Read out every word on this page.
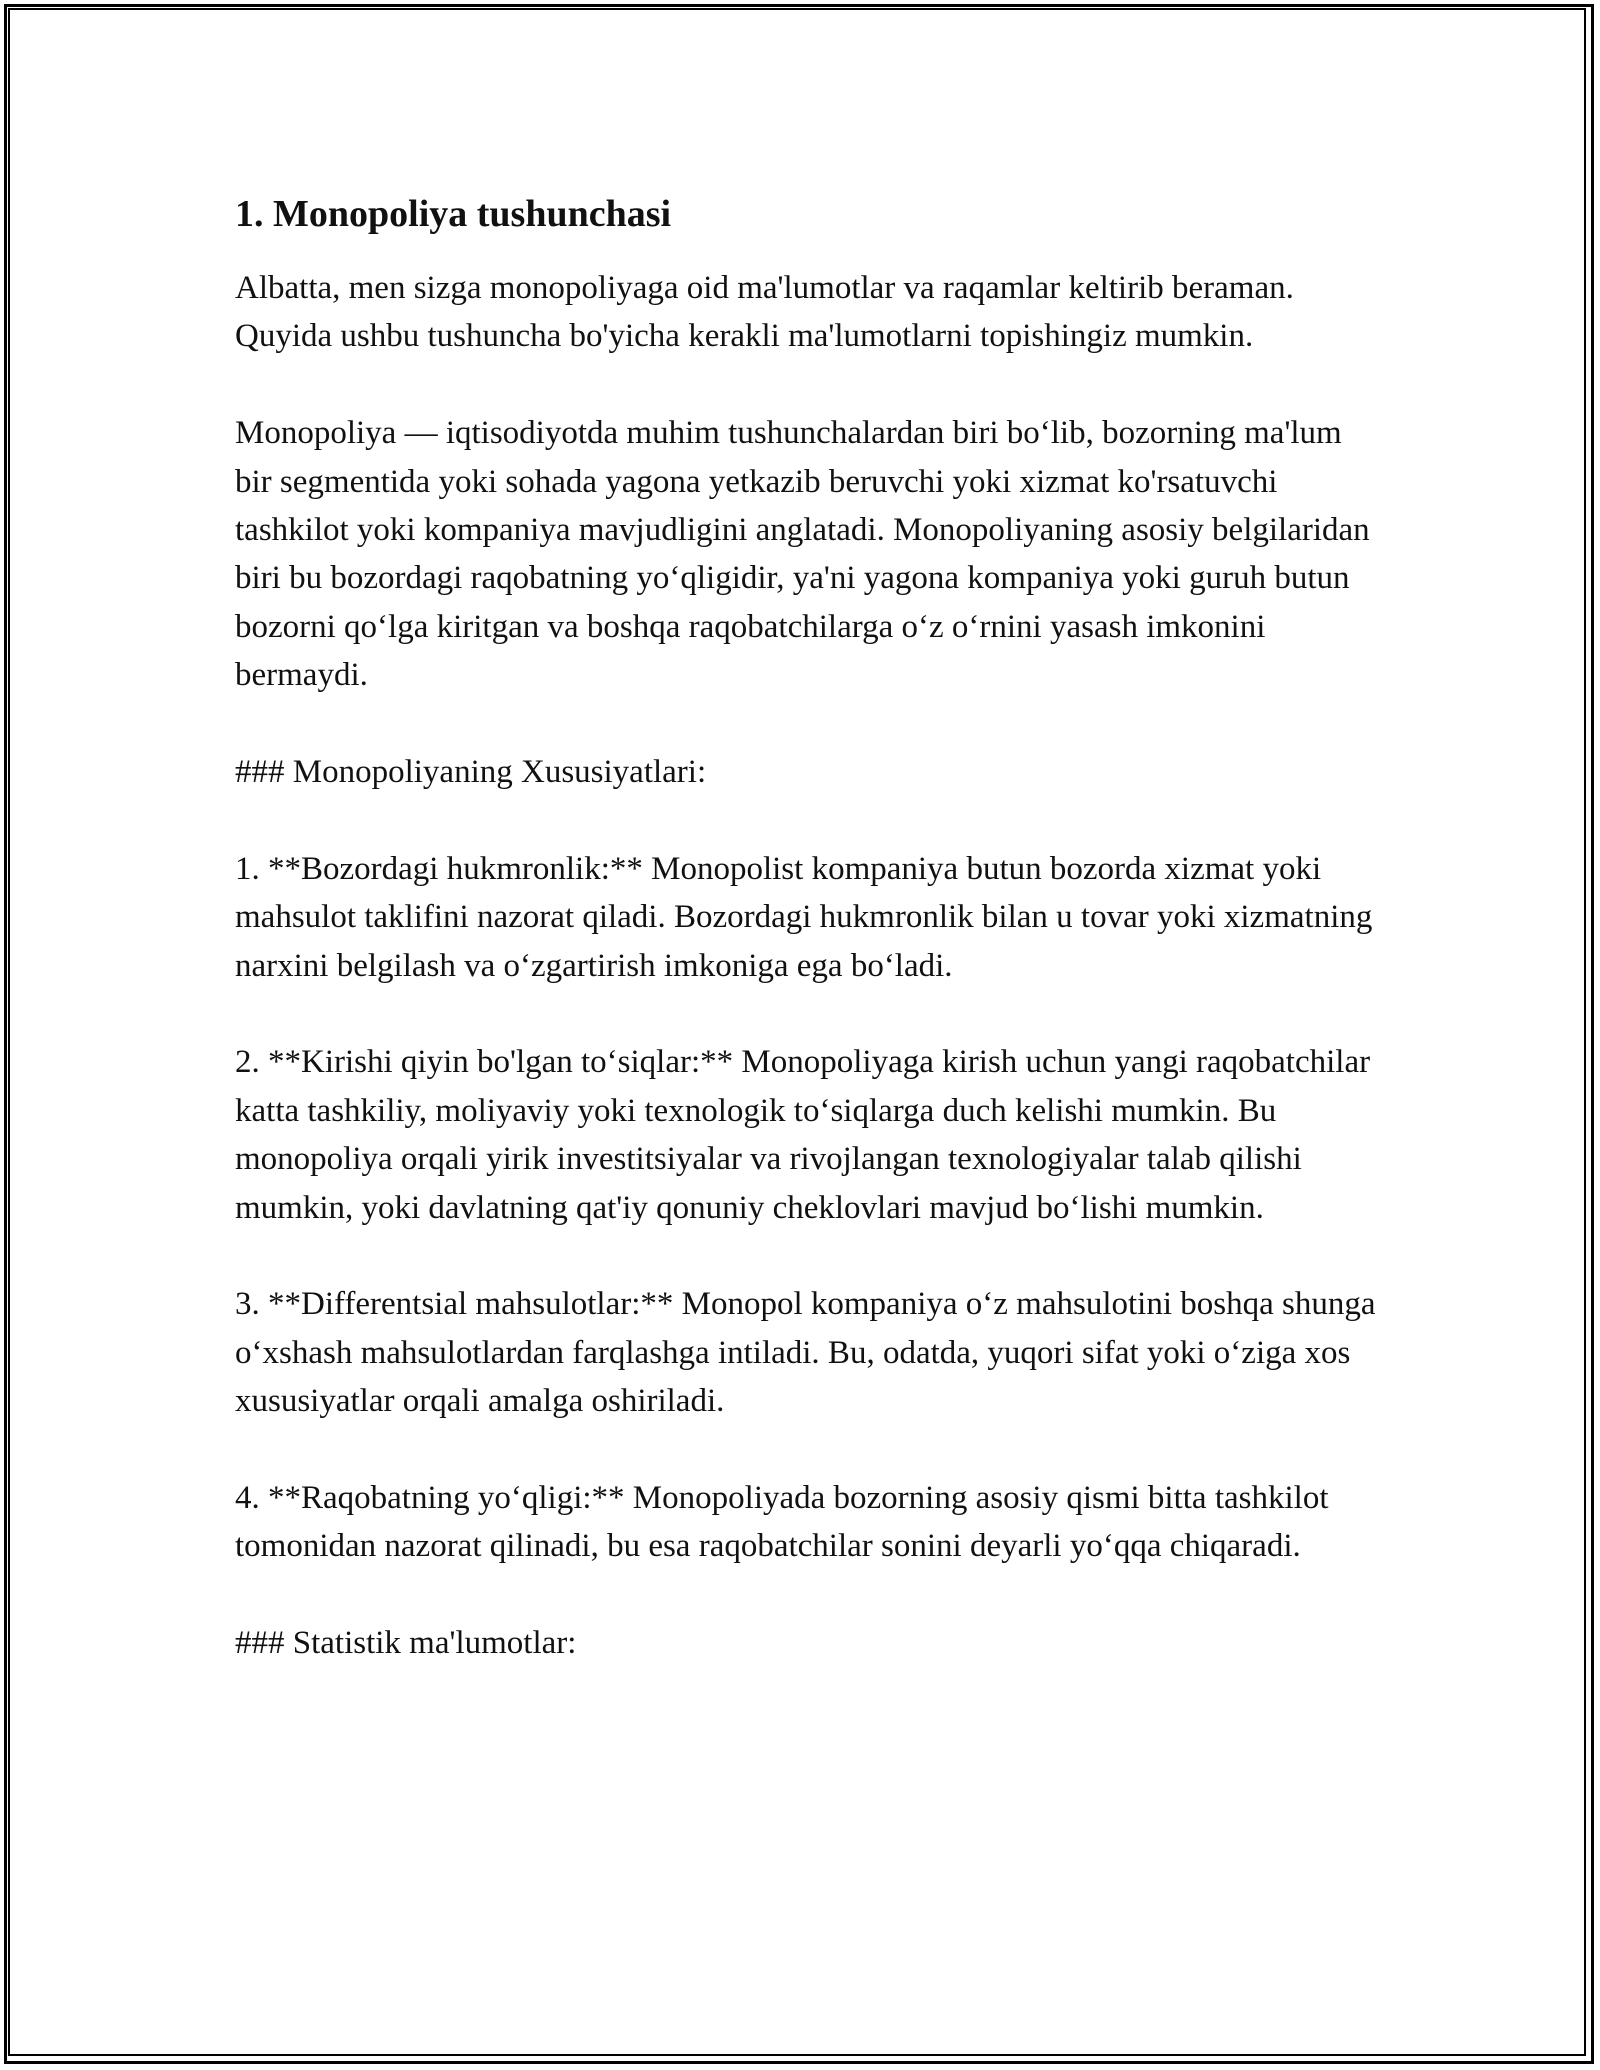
1. Monopoliya tushunchasi

Albatta, men sizga monopoliyaga oid ma'lumotlar va raqamlar keltirib beraman. Quyida ushbu tushuncha bo'yicha kerakli ma'lumotlarni topishingiz mumkin.

Monopoliya — iqtisodiyotda muhim tushunchalardan biri boʻlib, bozorning ma'lum bir segmentida yoki sohada yagona yetkazib beruvchi yoki xizmat ko'rsatuvchi tashkilot yoki kompaniya mavjudligini anglatadi. Monopoliyaning asosiy belgilaridan biri bu bozordagi raqobatning yoʻqligidir, ya'ni yagona kompaniya yoki guruh butun bozorni qoʻlga kiritgan va boshqa raqobatchilarga oʻz oʻrnini yasash imkonini bermaydi.

### Monopoliyaning Xususiyatlari:

1. **Bozordagi hukmronlik:** Monopolist kompaniya butun bozorda xizmat yoki mahsulot taklifini nazorat qiladi. Bozordagi hukmronlik bilan u tovar yoki xizmatning narxini belgilash va oʻzgartirish imkoniga ega boʻladi.

2. **Kirishi qiyin bo'lgan toʻsiqlar:** Monopoliyaga kirish uchun yangi raqobatchilar katta tashkiliy, moliyaviy yoki texnologik toʻsiqlarga duch kelishi mumkin. Bu monopoliya orqali yirik investitsiyalar va rivojlangan texnologiyalar talab qilishi mumkin, yoki davlatning qat'iy qonuniy cheklovlari mavjud boʻlishi mumkin.

3. **Differentsial mahsulotlar:** Monopol kompaniya oʻz mahsulotini boshqa shunga oʻxshash mahsulotlardan farqlashga intiladi. Bu, odatda, yuqori sifat yoki oʻziga xos xususiyatlar orqali amalga oshiriladi.

4. **Raqobatning yoʻqligi:** Monopoliyada bozorning asosiy qismi bitta tashkilot tomonidan nazorat qilinadi, bu esa raqobatchilar sonini deyarli yoʻqqa chiqaradi.

### Statistik ma'lumotlar:
